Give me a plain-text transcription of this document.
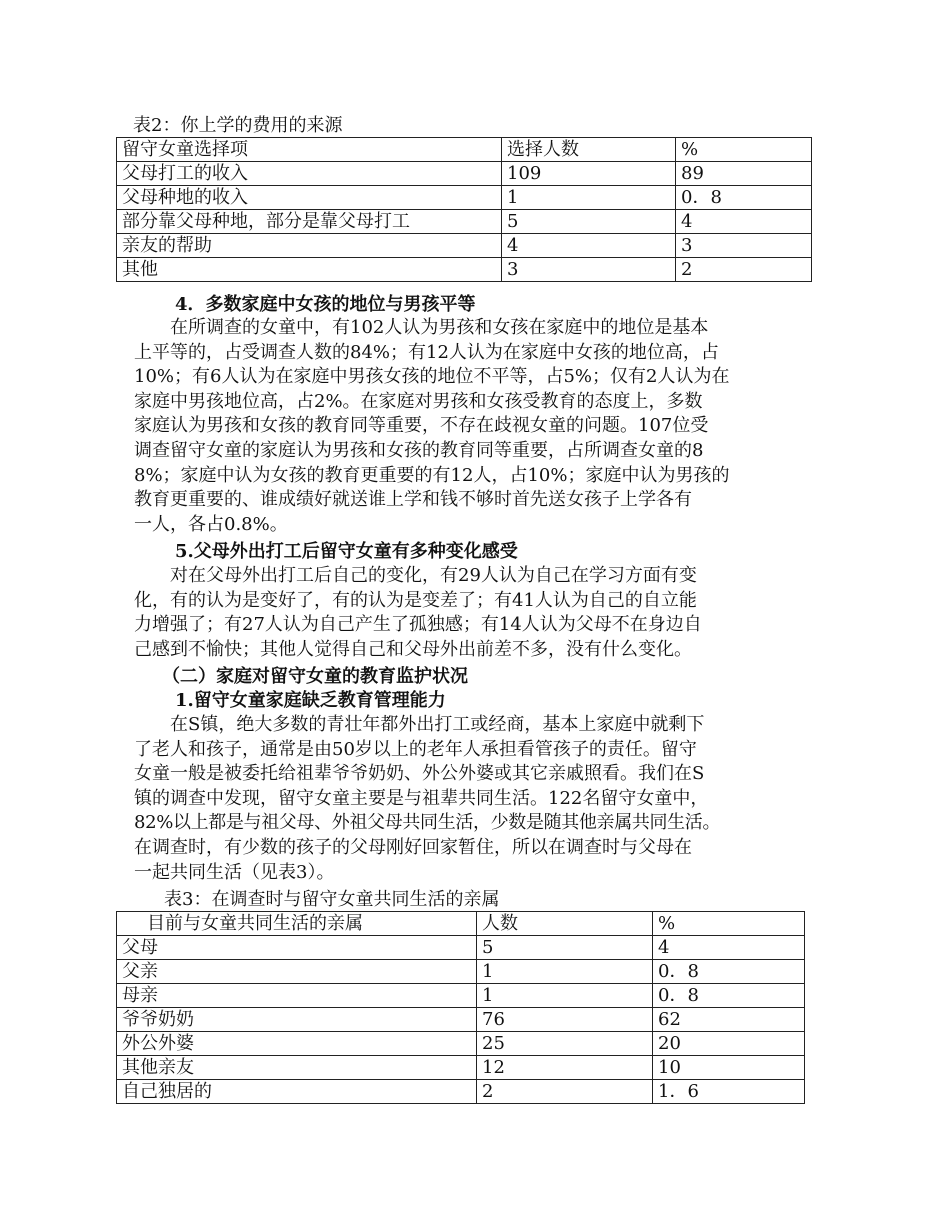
表2：你上学的费用的来源
留守女童选择项	选择人数	%
父母打工的收入	109	89
父母种地的收入	1	0．8
部分靠父母种地，部分是靠父母打工	5	4
亲友的帮助	4	3
其他	3	2
4．多数家庭中女孩的地位与男孩平等
在所调查的女童中，有102人认为男孩和女孩在家庭中的地位是基本
上平等的，占受调查人数的84%；有12人认为在家庭中女孩的地位高，占
10%；有6人认为在家庭中男孩女孩的地位不平等，占5%；仅有2人认为在
家庭中男孩地位高，占2%。在家庭对男孩和女孩受教育的态度上，多数
家庭认为男孩和女孩的教育同等重要，不存在歧视女童的问题。107位受
调查留守女童的家庭认为男孩和女孩的教育同等重要，占所调查女童的8
8%；家庭中认为女孩的教育更重要的有12人，占10%；家庭中认为男孩的
教育更重要的、谁成绩好就送谁上学和钱不够时首先送女孩子上学各有
一人，各占0.8%。
5.父母外出打工后留守女童有多种变化感受
对在父母外出打工后自己的变化，有29人认为自己在学习方面有变
化，有的认为是变好了，有的认为是变差了；有41人认为自己的自立能
力增强了；有27人认为自己产生了孤独感；有14人认为父母不在身边自
己感到不愉快；其他人觉得自己和父母外出前差不多，没有什么变化。
（二）家庭对留守女童的教育监护状况
1.留守女童家庭缺乏教育管理能力
在S镇，绝大多数的青壮年都外出打工或经商，基本上家庭中就剩下
了老人和孩子，通常是由50岁以上的老年人承担看管孩子的责任。留守
女童一般是被委托给祖辈爷爷奶奶、外公外婆或其它亲戚照看。我们在S
镇的调查中发现，留守女童主要是与祖辈共同生活。122名留守女童中，
82%以上都是与祖父母、外祖父母共同生活，少数是随其他亲属共同生活。
在调查时，有少数的孩子的父母刚好回家暂住，所以在调查时与父母在
一起共同生活（见表3）。
表3：在调查时与留守女童共同生活的亲属
目前与女童共同生活的亲属	人数	%
父母	5	4
父亲	1	0．8
母亲	1	0．8
爷爷奶奶	76	62
外公外婆	25	20
其他亲友	12	10
自己独居的	2	1．6
